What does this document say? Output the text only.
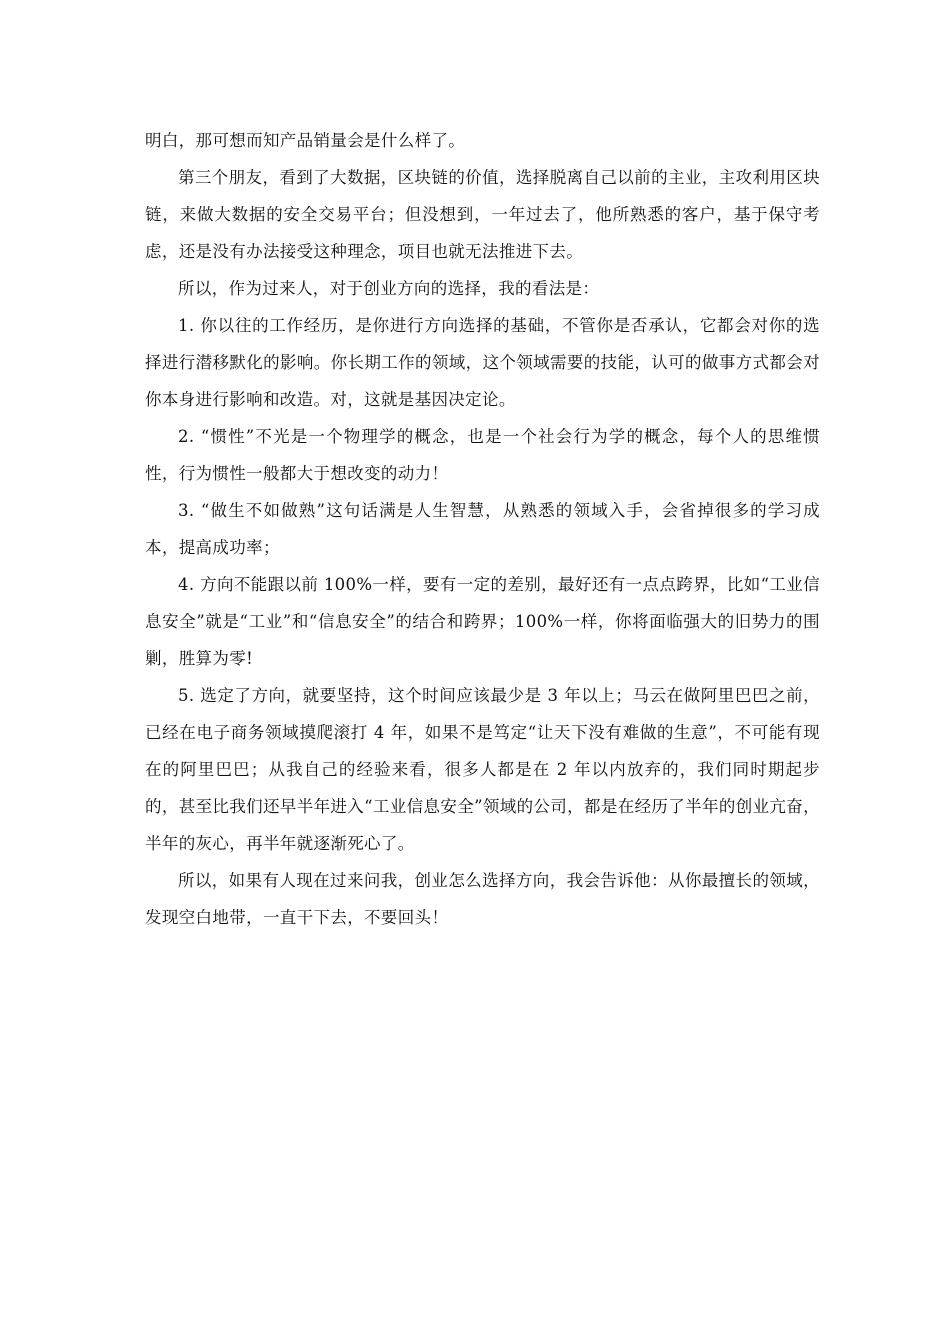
明白，那可想而知产品销量会是什么样了。

第三个朋友，看到了大数据，区块链的价值，选择脱离自己以前的主业，主攻利用区块链，来做大数据的安全交易平台；但没想到，一年过去了，他所熟悉的客户，基于保守考虑，还是没有办法接受这种理念，项目也就无法推进下去。

所以，作为过来人，对于创业方向的选择，我的看法是：

1. 你以往的工作经历，是你进行方向选择的基础，不管你是否承认，它都会对你的选择进行潜移默化的影响。你长期工作的领域，这个领域需要的技能，认可的做事方式都会对你本身进行影响和改造。对，这就是基因决定论。

2. “惯性”不光是一个物理学的概念，也是一个社会行为学的概念，每个人的思维惯性，行为惯性一般都大于想改变的动力！

3. “做生不如做熟”这句话满是人生智慧，从熟悉的领域入手，会省掉很多的学习成本，提高成功率；

4. 方向不能跟以前 100%一样，要有一定的差别，最好还有一点点跨界，比如“工业信息安全”就是“工业”和“信息安全”的结合和跨界；100%一样，你将面临强大的旧势力的围剿，胜算为零!

5. 选定了方向，就要坚持，这个时间应该最少是 3 年以上；马云在做阿里巴巴之前，已经在电子商务领域摸爬滚打 4 年，如果不是笃定“让天下没有难做的生意”，不可能有现在的阿里巴巴；从我自己的经验来看，很多人都是在 2 年以内放弃的，我们同时期起步的，甚至比我们还早半年进入“工业信息安全”领域的公司，都是在经历了半年的创业亢奋，半年的灰心，再半年就逐渐死心了。

所以，如果有人现在过来问我，创业怎么选择方向，我会告诉他：从你最擅长的领域，发现空白地带，一直干下去，不要回头！
